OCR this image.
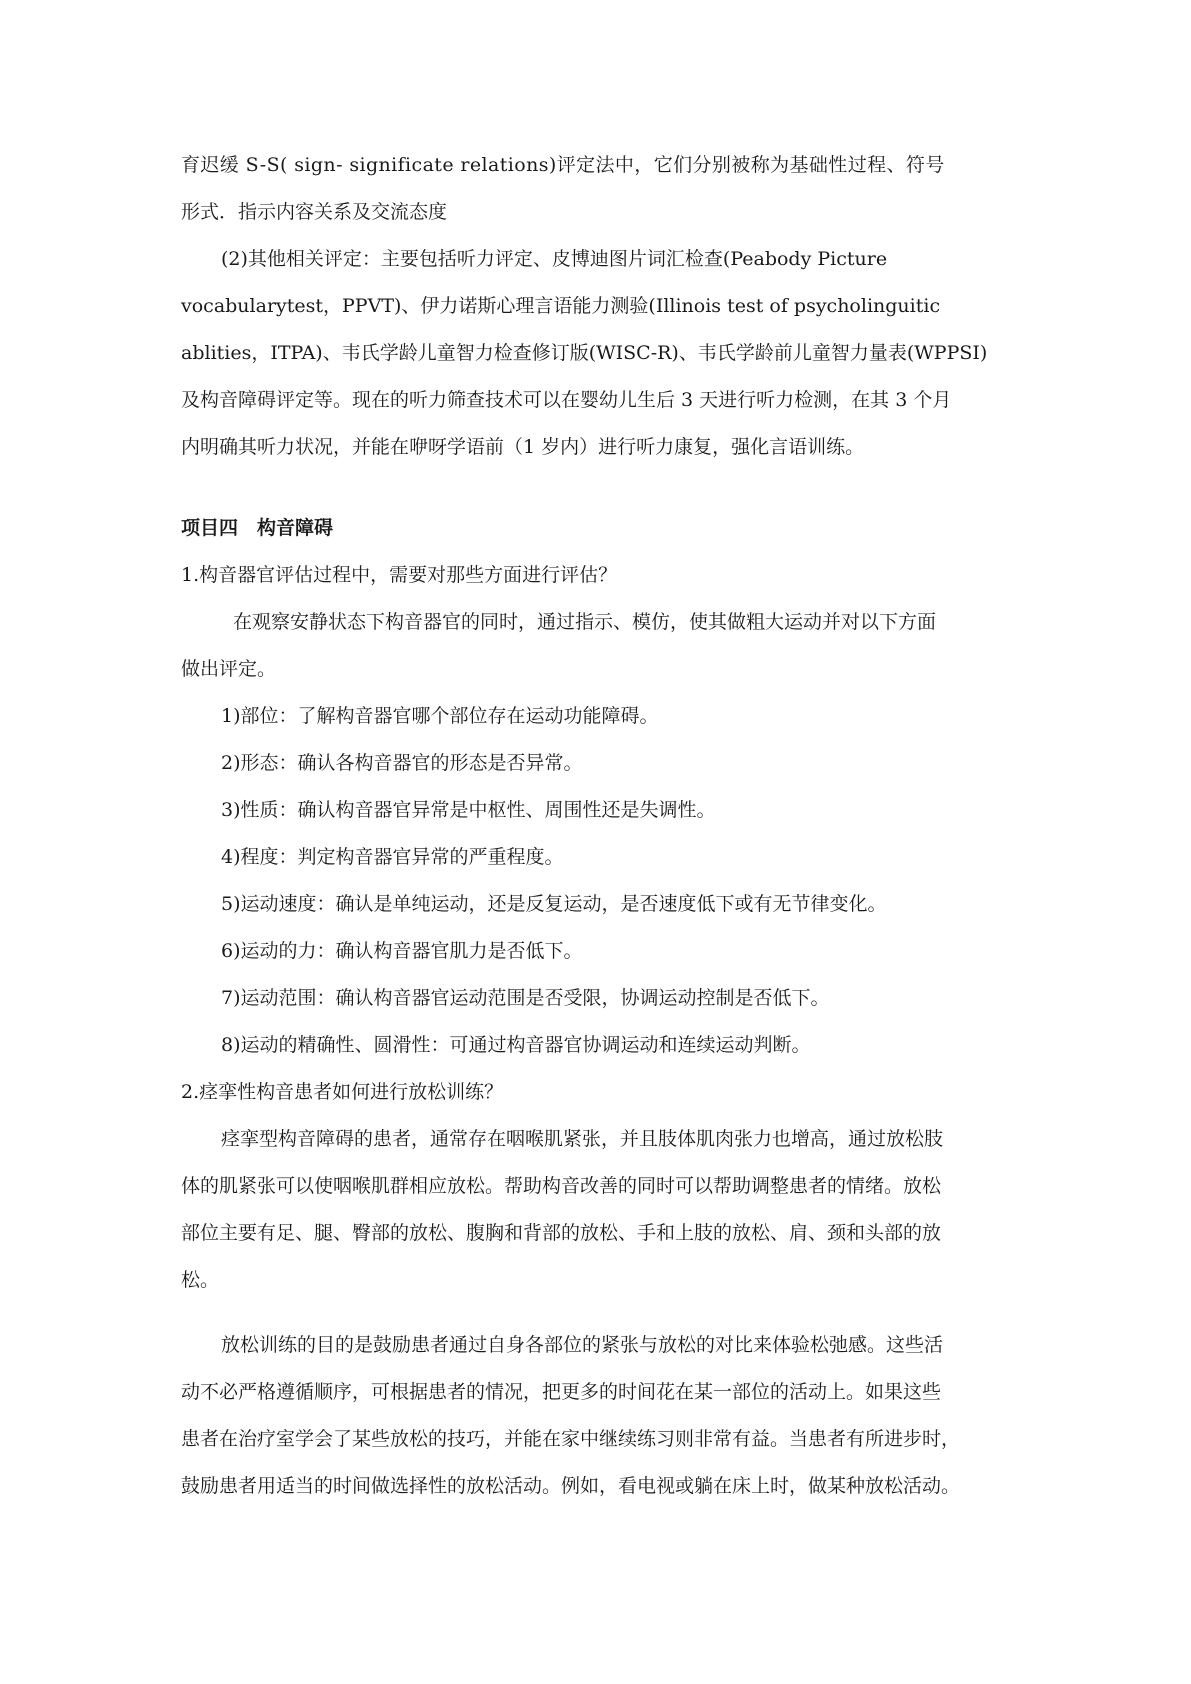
育迟缓 S-S( sign- significate relations)评定法中，它们分别被称为基础性过程、符号

形式．指示内容关系及交流态度

(2)其他相关评定：主要包括听力评定、皮博迪图片词汇检查(Peabody Picture

vocabularytest，PPVT)、伊力诺斯心理言语能力测验(Illinois test of psycholinguitic

ablities，ITPA)、韦氏学龄儿童智力检查修订版(WISC-R)、韦氏学龄前儿童智力量表(WPPSI)

及构音障碍评定等。现在的听力筛查技术可以在婴幼儿生后 3 天进行听力检测，在其 3 个月

内明确其听力状况，并能在咿呀学语前（1 岁内）进行听力康复，强化言语训练。

项目四　构音障碍

1.构音器官评估过程中，需要对那些方面进行评估？

在观察安静状态下构音器官的同时，通过指示、模仿，使其做粗大运动并对以下方面

做出评定。

1)部位：了解构音器官哪个部位存在运动功能障碍。

2)形态：确认各构音器官的形态是否异常。

3)性质：确认构音器官异常是中枢性、周围性还是失调性。

4)程度：判定构音器官异常的严重程度。

5)运动速度：确认是单纯运动，还是反复运动，是否速度低下或有无节律变化。

6)运动的力：确认构音器官肌力是否低下。

7)运动范围：确认构音器官运动范围是否受限，协调运动控制是否低下。

8)运动的精确性、圆滑性：可通过构音器官协调运动和连续运动判断。

2.痉挛性构音患者如何进行放松训练？

痉挛型构音障碍的患者，通常存在咽喉肌紧张，并且肢体肌肉张力也增高，通过放松肢

体的肌紧张可以使咽喉肌群相应放松。帮助构音改善的同时可以帮助调整患者的情绪。放松

部位主要有足、腿、臀部的放松、腹胸和背部的放松、手和上肢的放松、肩、颈和头部的放

松。

放松训练的目的是鼓励患者通过自身各部位的紧张与放松的对比来体验松弛感。这些活

动不必严格遵循顺序，可根据患者的情况，把更多的时间花在某一部位的活动上。如果这些

患者在治疗室学会了某些放松的技巧，并能在家中继续练习则非常有益。当患者有所进步时，

鼓励患者用适当的时间做选择性的放松活动。例如，看电视或躺在床上时，做某种放松活动。
